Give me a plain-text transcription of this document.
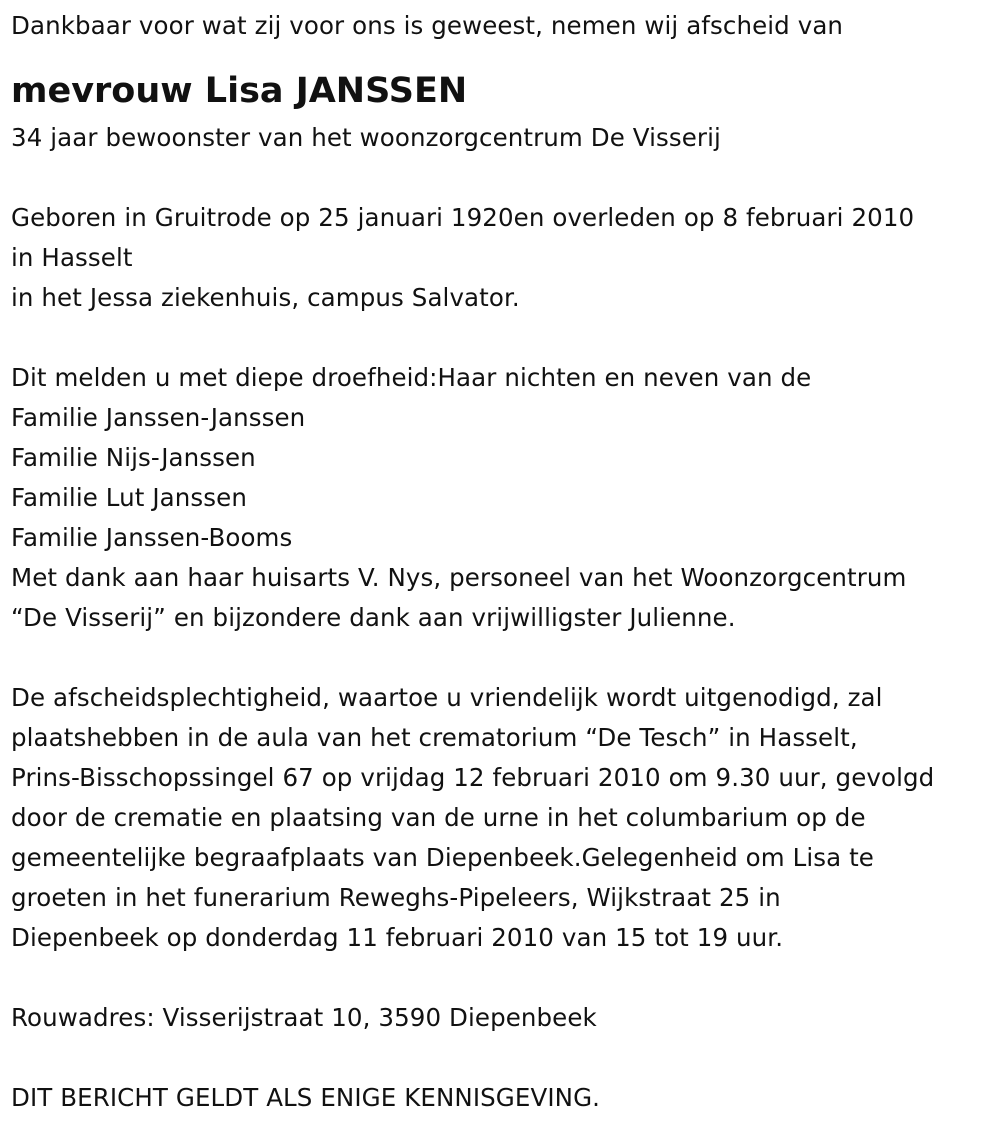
Dankbaar voor wat zij voor ons is geweest, nemen wij afscheid van
mevrouw Lisa JANSSEN
34 jaar bewoonster van het woonzorgcentrum De Visserij
Geboren in Gruitrode op 25 januari 1920en overleden op 8 februari 2010
in Hasselt
in het Jessa ziekenhuis, campus Salvator.
Dit melden u met diepe droefheid:Haar nichten en neven van de
Familie Janssen-Janssen
Familie Nijs-Janssen
Familie Lut Janssen
Familie Janssen-Booms
Met dank aan haar huisarts V. Nys, personeel van het Woonzorgcentrum
“De Visserij” en bijzondere dank aan vrijwilligster Julienne.
De afscheidsplechtigheid, waartoe u vriendelijk wordt uitgenodigd, zal
plaatshebben in de aula van het crematorium “De Tesch” in Hasselt,
Prins-Bisschopssingel 67 op vrijdag 12 februari 2010 om 9.30 uur, gevolgd
door de crematie en plaatsing van de urne in het columbarium op de
gemeentelijke begraafplaats van Diepenbeek.Gelegenheid om Lisa te
groeten in het funerarium Reweghs-Pipeleers, Wijkstraat 25 in
Diepenbeek op donderdag 11 februari 2010 van 15 tot 19 uur.
Rouwadres: Visserijstraat 10, 3590 Diepenbeek
DIT BERICHT GELDT ALS ENIGE KENNISGEVING.
